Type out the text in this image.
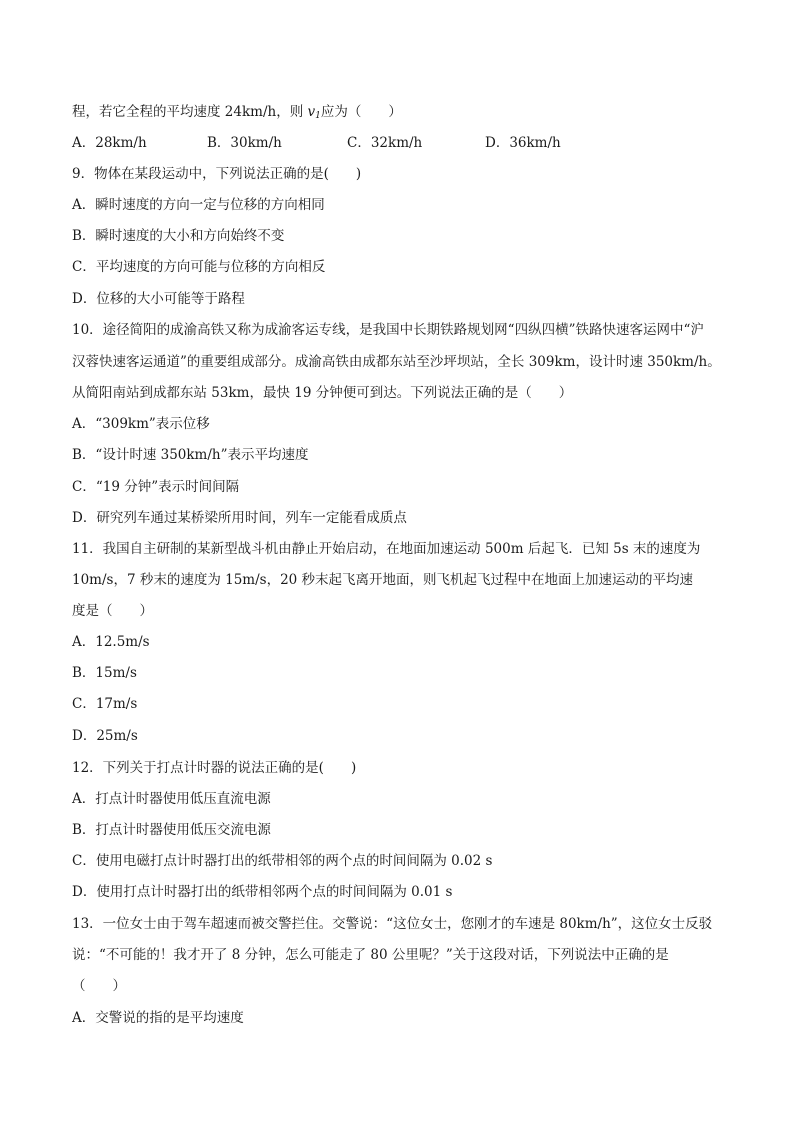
程，若它全程的平均速度 24km/h，则 $v_1$应为（　　）
A．28km/h	B．30km/h	C．32km/h	D．36km/h
9．物体在某段运动中，下列说法正确的是(　　)
A．瞬时速度的方向一定与位移的方向相同
B．瞬时速度的大小和方向始终不变
C．平均速度的方向可能与位移的方向相反
D．位移的大小可能等于路程
10．途径简阳的成渝高铁又称为成渝客运专线，是我国中长期铁路规划网“四纵四横”铁路快速客运网中“沪
汉蓉快速客运通道”的重要组成部分。成渝高铁由成都东站至沙坪坝站，全长 309km，设计时速 350km/h。
从简阳南站到成都东站 53km，最快 19 分钟便可到达。下列说法正确的是（　　）
A．“309km”表示位移
B．“设计时速 350km/h”表示平均速度
C．“19 分钟”表示时间间隔
D．研究列车通过某桥梁所用时间，列车一定能看成质点
11．我国自主研制的某新型战斗机由静止开始启动，在地面加速运动 500m 后起飞．已知 5s 末的速度为
10m/s，7 秒末的速度为 15m/s，20 秒末起飞离开地面，则飞机起飞过程中在地面上加速运动的平均速
度是（　　）
A．12.5m/s
B．15m/s
C．17m/s
D．25m/s
12．下列关于打点计时器的说法正确的是(　　)
A．打点计时器使用低压直流电源
B．打点计时器使用低压交流电源
C．使用电磁打点计时器打出的纸带相邻的两个点的时间间隔为 0.02 s
D．使用打点计时器打出的纸带相邻两个点的时间间隔为 0.01 s
13．一位女士由于驾车超速而被交警拦住。交警说：“这位女士，您刚才的车速是 80km/h”，这位女士反驳
说：“不可能的！我才开了 8 分钟，怎么可能走了 80 公里呢？”关于这段对话，下列说法中正确的是
（　　）
A．交警说的指的是平均速度
